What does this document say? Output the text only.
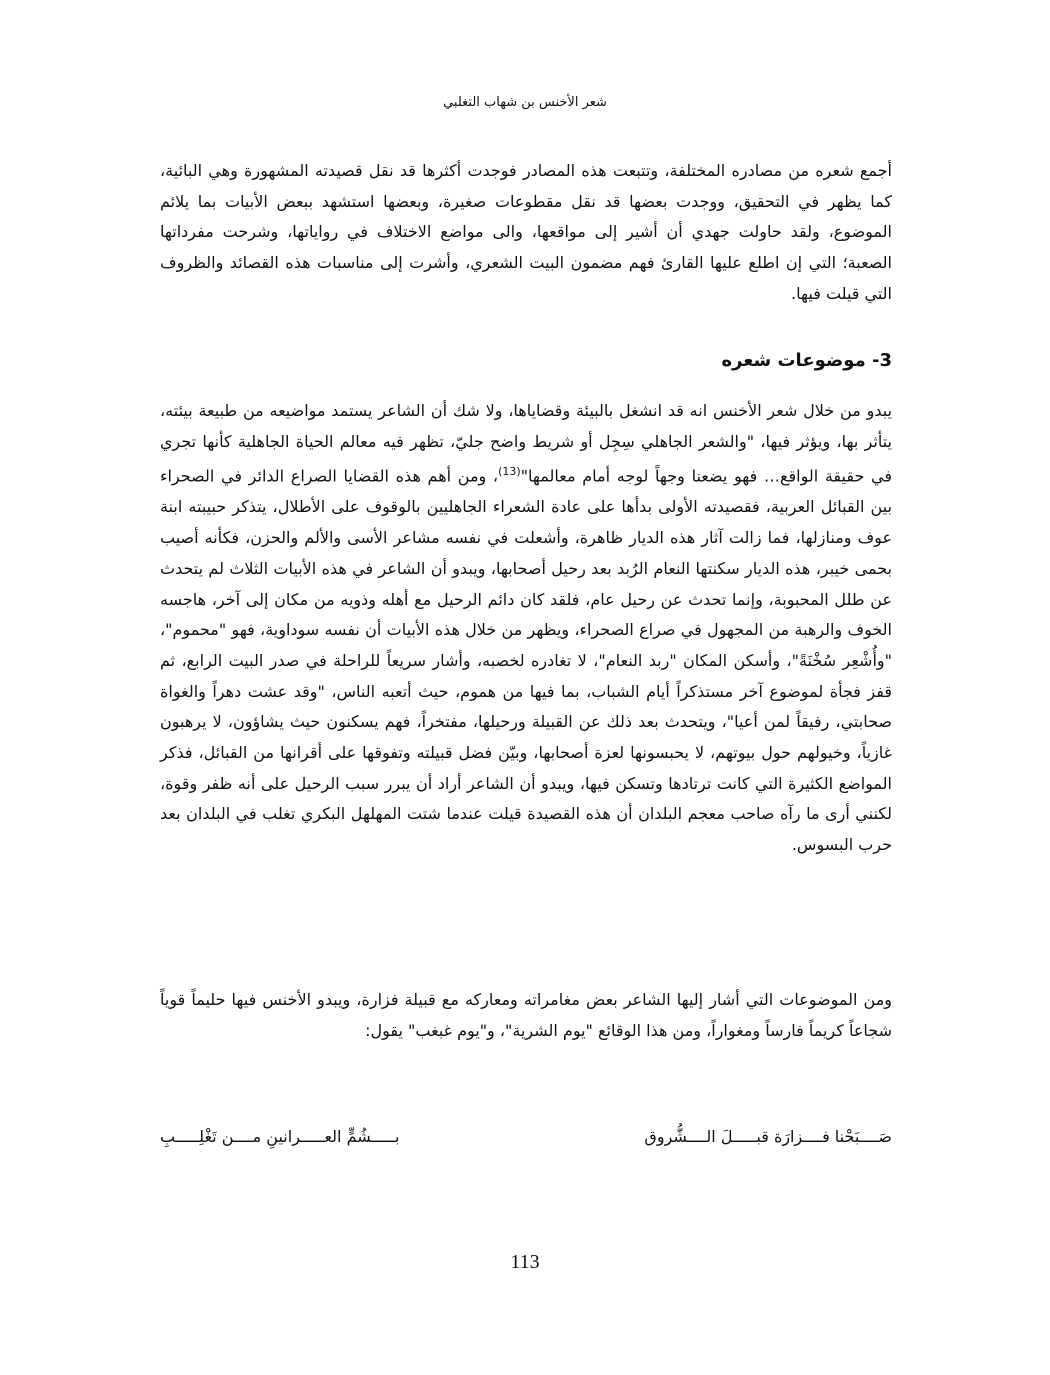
شعر الأخنس بن شهاب التغلبي

أجمع شعره من مصادره المختلفة، وتتبعت هذه المصادر فوجدت أكثرها قد نقل قصيدته المشهورة وهي البائية، كما يظهر في التحقيق، ووجدت بعضها قد نقل مقطوعات صغيرة، وبعضها استشهد ببعض الأبيات بما يلائم الموضوع، ولقد حاولت جهدي أن أشير إلى مواقعها، والى مواضع الاختلاف في رواياتها، وشرحت مفرداتها الصعبة؛ التي إن اطلع عليها القارئ فهم مضمون البيت الشعري، وأشرت إلى مناسبات هذه القصائد والظروف التي قيلت فيها.

3- موضوعات شعره

يبدو من خلال شعر الأخنس انه قد انشغل بالبيئة وقضاياها، ولا شك أن الشاعر يستمد مواضيعه من طبيعة بيئته، يتأثر بها، ويؤثر فيها، "والشعر الجاهلي سِجِل أو شريط واضح جليّ، تظهر فيه معالم الحياة الجاهلية كأنها تجري في حقيقة الواقع… فهو يضعنا وجهاً لوجه أمام معالمها"$^{(13)}$، ومن أهم هذه القضايا الصراع الدائر في الصحراء بين القبائل العربية، فقصيدته الأولى بدأها على عادة الشعراء الجاهليين بالوقوف على الأطلال، يتذكر حبيبته ابنة عوف ومنازلها، فما زالت آثار هذه الديار ظاهرة، وأشعلت في نفسه مشاعر الأسى والألم والحزن، فكأنه أصيب بحمى خيبر، هذه الديار سكنتها النعام الرُبد بعد رحيل أصحابها، ويبدو أن الشاعر في هذه الأبيات الثلاث لم يتحدث عن طلل المحبوبة، وإنما تحدث عن رحيل عام، فلقد كان دائم الرحيل مع أهله وذويه من مكان إلى آخر، هاجسه الخوف والرهبة من المجهول في صراع الصحراء، ويظهر من خلال هذه الأبيات أن نفسه سوداوية، فهو "محموم"، "وأُشْعِر سُخْنَةً"، وأسكن المكان "ربد النعام"، لا تغادره لخصبه، وأشار سريعاً للراحلة في صدر البيت الرابع، ثم قفز فجأة لموضوع آخر مستذكراً أيام الشباب، بما فيها من هموم، حيث أتعبه الناس، "وقد عشت دهراً والغواة صحابتي، رفيقاً لمن أعيا"، ويتحدث بعد ذلك عن القبيلة ورحيلها، مفتخراً، فهم يسكنون حيث يشاؤون، لا يرهبون غازياً، وخيولهم حول بيوتهم، لا يحبسونها لعزة أصحابها، وبيّن فضل قبيلته وتفوقها على أقرانها من القبائل، فذكر المواضع الكثيرة التي كانت ترتادها وتسكن فيها، ويبدو أن الشاعر أراد أن يبرر سبب الرحيل على أنه ظفر وقوة، لكنني أرى ما رآه صاحب معجم البلدان أن هذه القصيدة قيلت عندما شتت المهلهل البكري تغلب في البلدان بعد حرب البسوس.

ومن الموضوعات التي أشار إليها الشاعر بعض مغامراته ومعاركه مع قبيلة فزارة، ويبدو الأخنس فيها حليماً قوياً شجاعاً كريماً فارساً ومغواراً، ومن هذا الوقائع "يوم الشرية"، و"يوم غبغب" يقول:

صَــــبَحْنا فــــزارَة قبـــــلَ الــــشُّروق
بـــــشُمٍّ العـــــرانينِ مــــن تَغْلِـــــبِ
113
